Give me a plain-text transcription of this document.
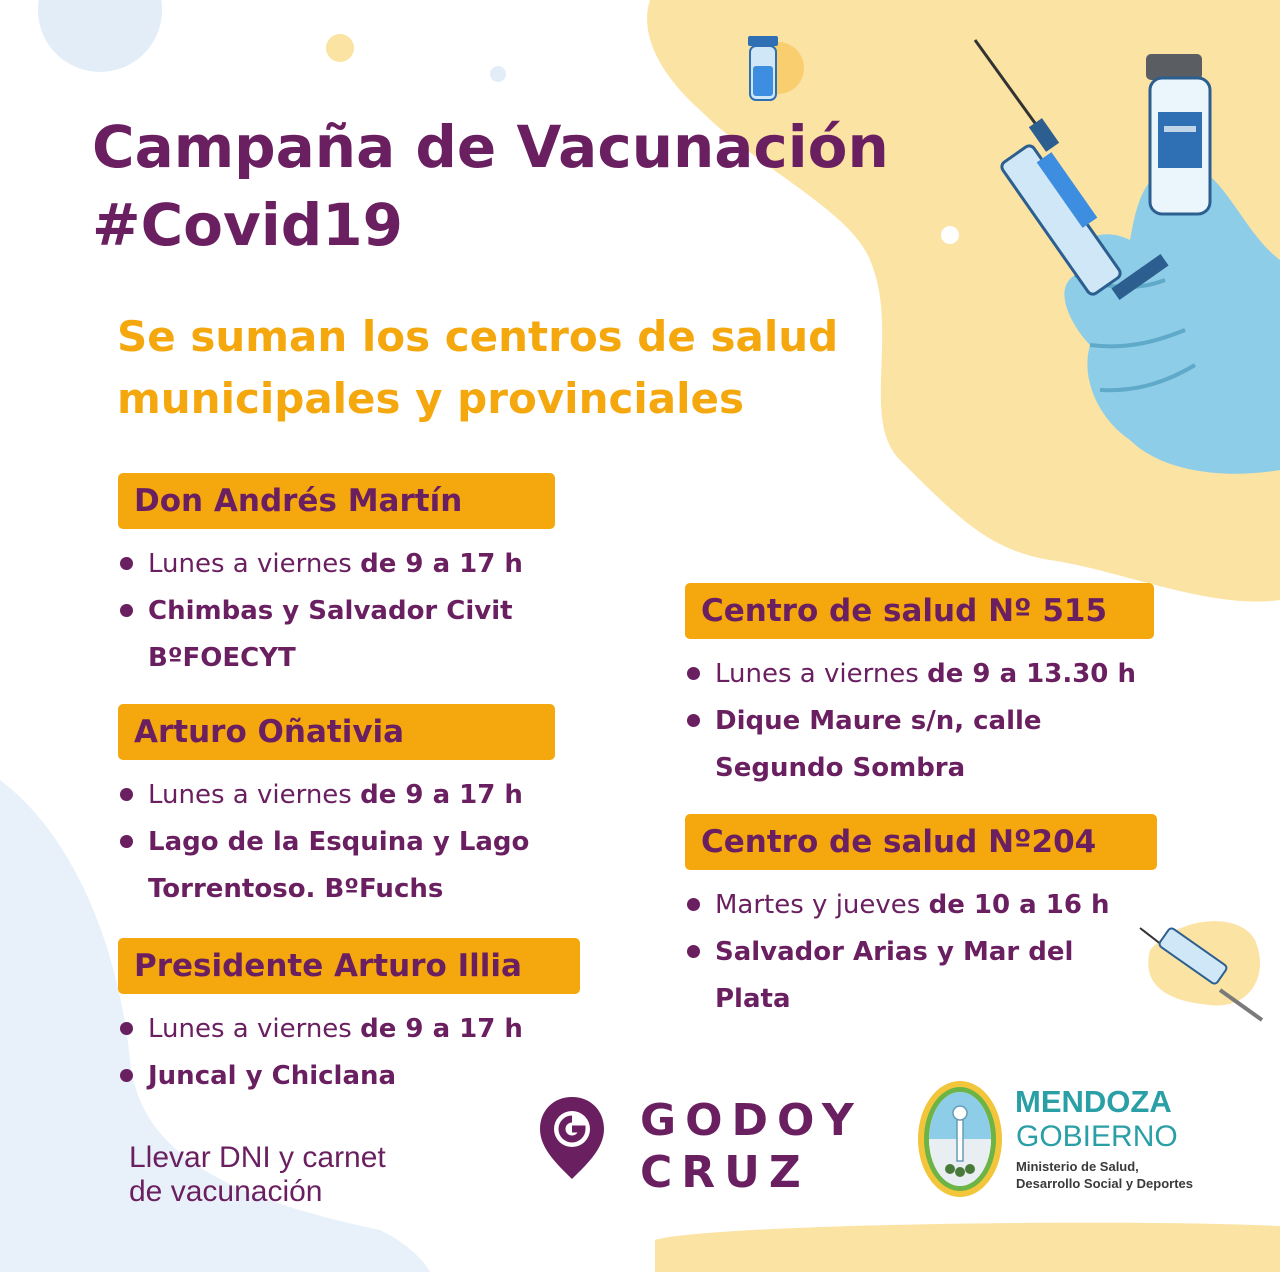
Campaña de Vacunación
#Covid19

Se suman los centros de salud
municipales y provinciales

Don Andrés Martín
Lunes a viernes de 9 a 17 h
Chimbas y Salvador Civit
BºFOECYT
Arturo Oñativia
Lunes a viernes de 9 a 17 h
Lago de la Esquina y Lago
Torrentoso. BºFuchs
Presidente Arturo Illia
Lunes a viernes de 9 a 17 h
Juncal y Chiclana
Centro de salud Nº 515
Lunes a viernes de 9 a 13.30 h
Dique Maure s/n, calle
Segundo Sombra
Centro de salud Nº204
Martes y jueves de 10 a 16 h
Salvador Arias y Mar del
Plata

Llevar DNI y carnet
de vacunación

GODOY
CRUZ

MENDOZA

GOBIERNO

Ministerio de Salud,
Desarrollo Social y Deportes
